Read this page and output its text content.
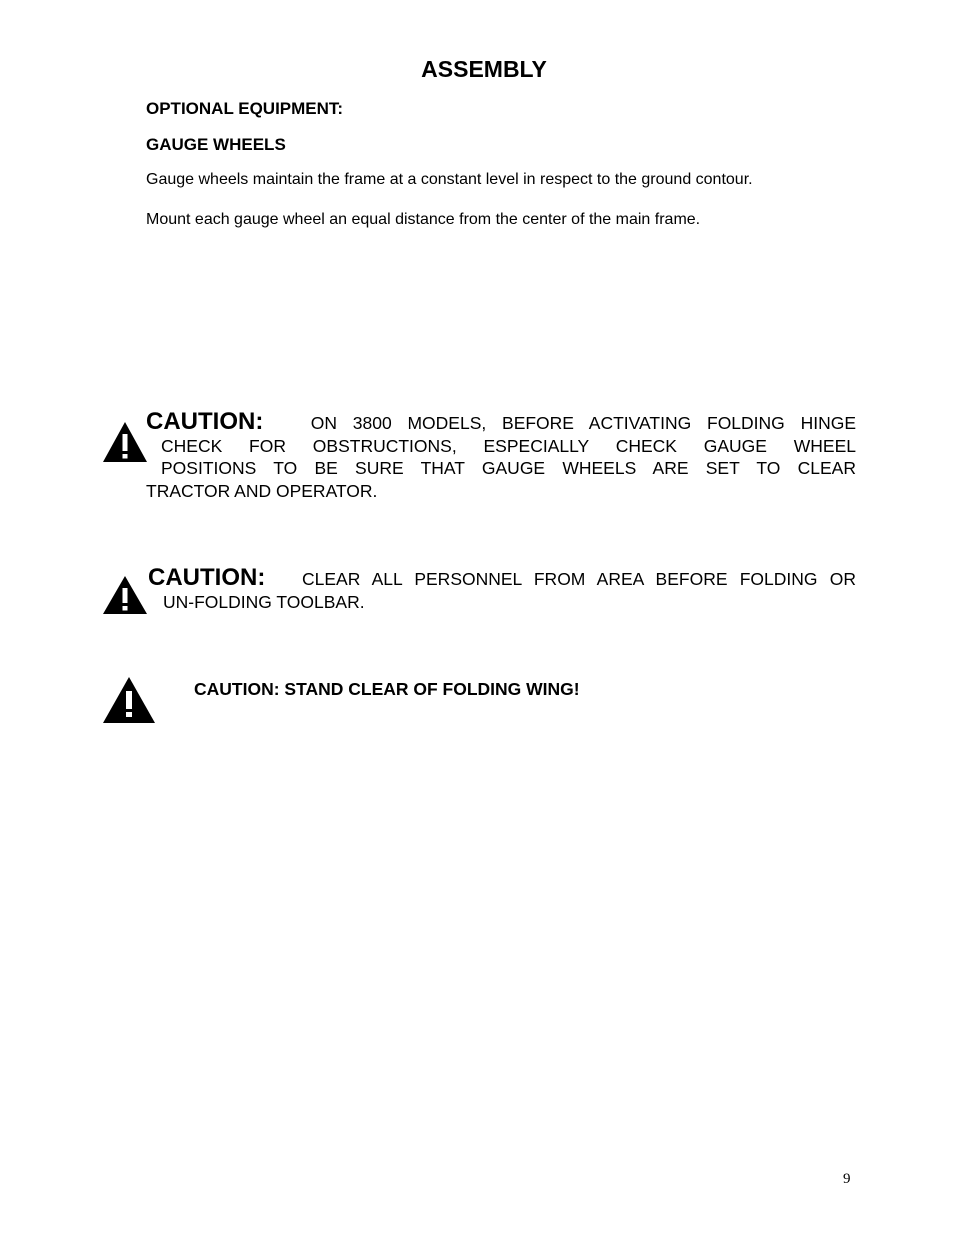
ASSEMBLY
OPTIONAL EQUIPMENT:
GAUGE WHEELS
Gauge wheels maintain the frame at a constant level in respect to the ground contour.
Mount each gauge wheel an equal distance from the center of the main frame.
CAUTION:	ON 3800 MODELS, BEFORE ACTIVATING FOLDING HINGE
CHECK FOR OBSTRUCTIONS, ESPECIALLY CHECK GAUGE WHEEL
POSITIONS TO BE SURE THAT GAUGE WHEELS ARE SET TO CLEAR
TRACTOR AND OPERATOR.
CAUTION: CLEAR ALL PERSONNEL FROM AREA BEFORE FOLDING OR
UN-FOLDING TOOLBAR.
CAUTION: STAND CLEAR OF FOLDING WING!
9
